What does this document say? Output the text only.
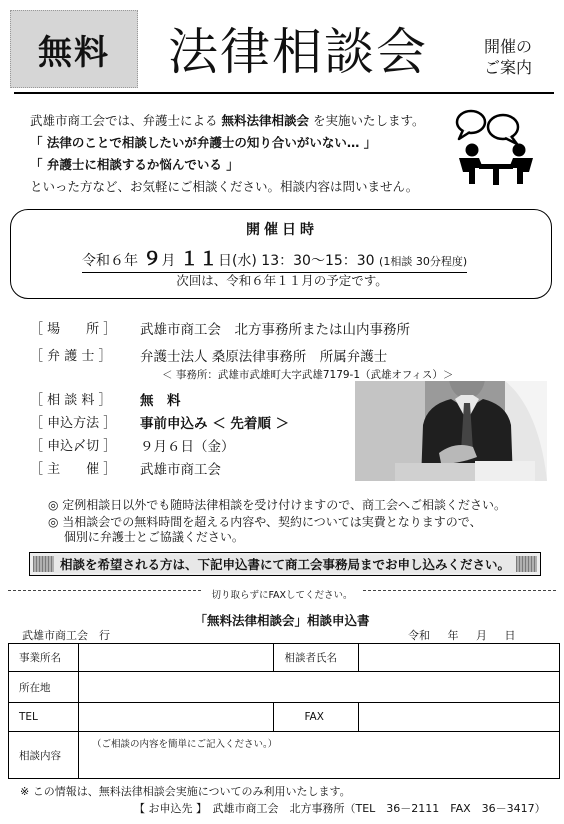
無料	法律相談会	開催の
ご案内
武雄市商工会では、弁護士による 無料法律相談会 を実施いたします。
「 法律のことで相談したいが弁護士の知り合いがいない… 」
「 弁護士に相談するか悩んでいる 」
といった方など、お気軽にご相談ください。相談内容は問いません。
開催日時
令和６年 ９月 １１日(水) 13：30～15：30 (1相談 30分程度)
次回は、令和６年１１月の予定です。
［ 場　　所 ］ 武雄市商工会　北方事務所または山内事務所
［ 弁 護 士 ］	弁護士法人 桑原法律事務所　所属弁護士
＜ 事務所：武雄市武雄町大字武雄7179-1（武雄オフィス）＞
［ 相 談 料 ］	無　料
［ 申込方法 ］ 事前申込み ＜ 先着順 ＞
［ 申込〆切 ］ ９月６日（金）
［ 主　　催 ］ 武雄市商工会
◎ 定例相談日以外でも随時法律相談を受け付けますので、商工会へご相談ください。
◎ 当相談会での無料時間を超える内容や、契約については実費となりますので、
　 個別に弁護士とご協議ください。
相談を希望される方は、下記申込書にて商工会事務局までお申し込みください。
切り取らずにFAXしてください。
「無料法律相談会」相談申込書
武雄市商工会　行	令和 年 月 日
事業所名		相談者氏名	
所在地			
TEL		FAX	
相談内容			
（ご相談の内容を簡単にご記入ください。）
※ この情報は、無料法律相談会実施についてのみ利用いたします。
【 お申込先 】　武雄市商工会　北方事務所（TEL　36－2111　FAX　36－3417）
